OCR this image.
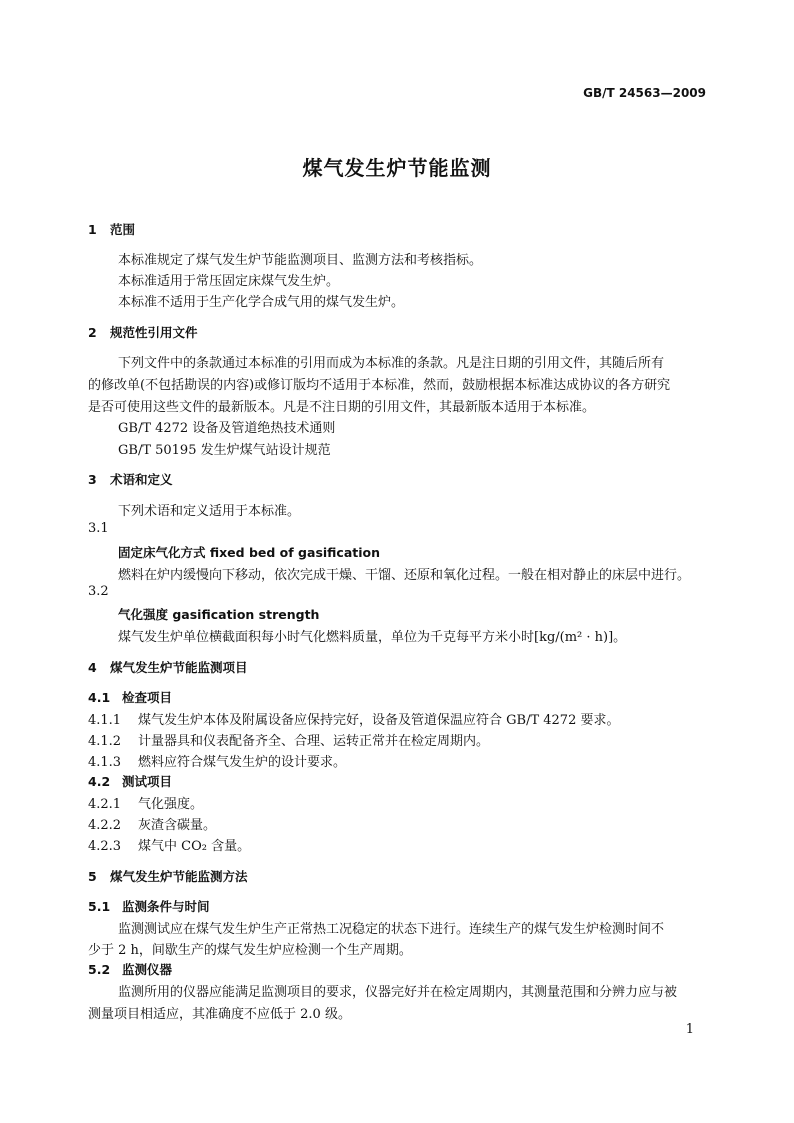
GB/T 24563—2009
煤气发生炉节能监测
1 范围
本标准规定了煤气发生炉节能监测项目、监测方法和考核指标。
本标准适用于常压固定床煤气发生炉。
本标准不适用于生产化学合成气用的煤气发生炉。
2 规范性引用文件
下列文件中的条款通过本标准的引用而成为本标准的条款。凡是注日期的引用文件，其随后所有
的修改单(不包括勘误的内容)或修订版均不适用于本标准，然而，鼓励根据本标准达成协议的各方研究
是否可使用这些文件的最新版本。凡是不注日期的引用文件，其最新版本适用于本标准。
GB/T 4272 设备及管道绝热技术通则
GB/T 50195 发生炉煤气站设计规范
3 术语和定义
下列术语和定义适用于本标准。
3.1
固定床气化方式 fixed bed of gasification
燃料在炉内缓慢向下移动，依次完成干燥、干馏、还原和氧化过程。一般在相对静止的床层中进行。
3.2
气化强度 gasification strength
煤气发生炉单位横截面积每小时气化燃料质量，单位为千克每平方米小时[kg/(m² · h)]。
4 煤气发生炉节能监测项目
4.1 检查项目
4.1.1 煤气发生炉本体及附属设备应保持完好，设备及管道保温应符合 GB/T 4272 要求。
4.1.2 计量器具和仪表配备齐全、合理、运转正常并在检定周期内。
4.1.3 燃料应符合煤气发生炉的设计要求。
4.2 测试项目
4.2.1 气化强度。
4.2.2 灰渣含碳量。
4.2.3 煤气中 CO₂ 含量。
5 煤气发生炉节能监测方法
5.1 监测条件与时间
监测测试应在煤气发生炉生产正常热工况稳定的状态下进行。连续生产的煤气发生炉检测时间不
少于 2 h，间歇生产的煤气发生炉应检测一个生产周期。
5.2 监测仪器
监测所用的仪器应能满足监测项目的要求，仪器完好并在检定周期内，其测量范围和分辨力应与被
测量项目相适应，其准确度不应低于 2.0 级。
1
